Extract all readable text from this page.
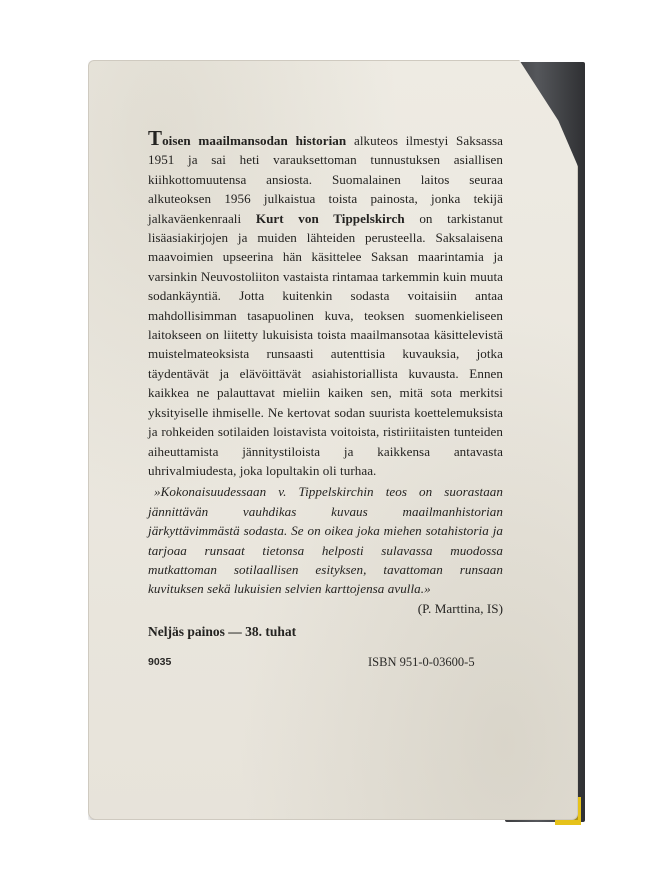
Toisen maailmansodan historian alkuteos ilmestyi Saksassa 1951 ja sai heti varauksettoman tunnustuksen asiallisen kiihkottomuutensa ansiosta. Suomalainen laitos seuraa alkuteoksen 1956 julkaistua toista painosta, jonka tekijä jalkaväenkenraali Kurt von Tippelskirch on tarkistanut lisäasiakirjojen ja muiden lähteiden perusteella. Saksalaisena maavoimien upseerina hän käsittelee Saksan maarintamia ja varsinkin Neuvostoliiton vastaista rintamaa tarkemmin kuin muuta sodankäyntiä. Jotta kuitenkin sodasta voitaisiin antaa mahdollisimman tasapuolinen kuva, teoksen suomenkieliseen laitokseen on liitetty lukuisista toista maailmansotaa käsittelevistä muistelmateoksista runsaasti autenttisia kuvauksia, jotka täydentävät ja elävöittävät asiahistoriallista kuvausta. Ennen kaikkea ne palauttavat mieliin kaiken sen, mitä sota merkitsi yksityiselle ihmiselle. Ne kertovat sodan suurista koettelemuksista ja rohkeiden sotilaiden loistavista voitoista, ristiriitaisten tunteiden aiheuttamista jännitystiloista ja kaikkensa antavasta uhrivalmiudesta, joka lopultakin oli turhaa.

»Kokonaisuudessaan v. Tippelskirchin teos on suorastaan jännittävän vauhdikas kuvaus maailmanhistorian järkyttävimmästä sodasta. Se on oikea joka miehen sotahistoria ja tarjoaa runsaat tietonsa helposti sulavassa muodossa mutkattoman sotilaallisen esityksen, tavattoman runsaan kuvituksen sekä lukuisien selvien karttojensa avulla.»

(P. Marttina, IS)

Neljäs painos — 38. tuhat
9035	ISBN 951-0-03600-5
